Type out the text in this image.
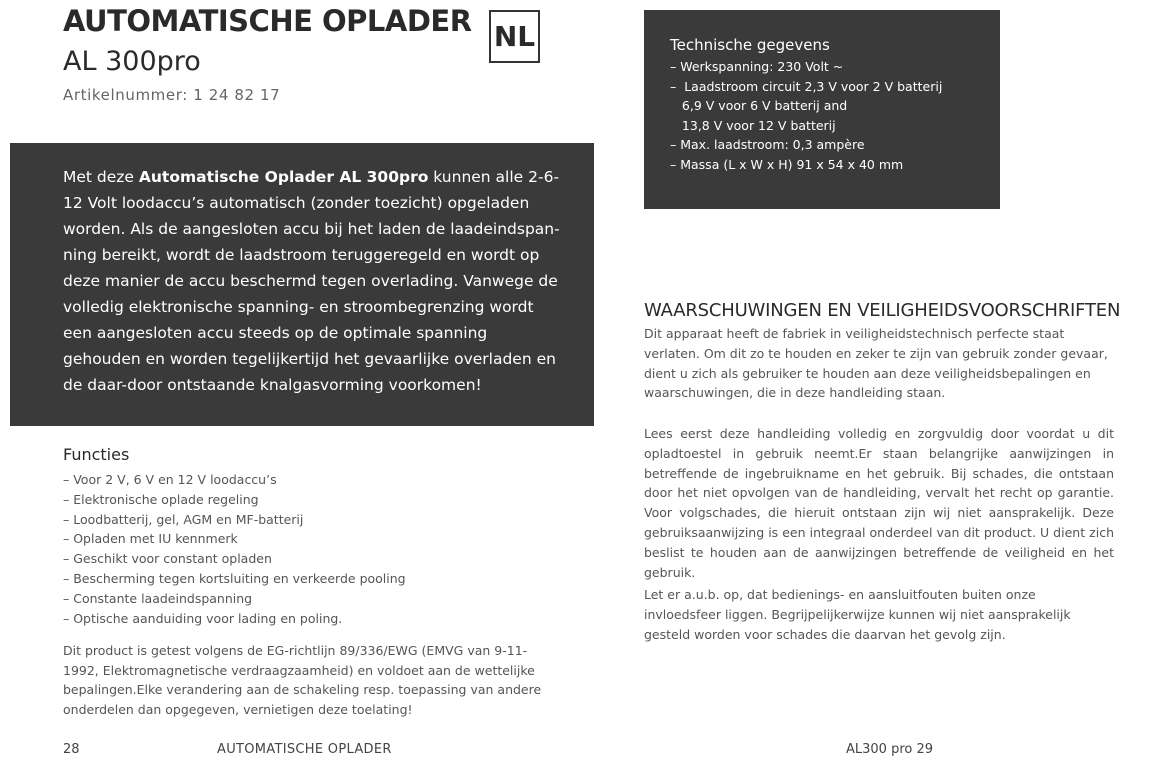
AUTOMATISCHE OPLADER
AL 300pro
Artikelnummer: 1 24 82 17
NL

Met deze Automatische Oplader AL 300pro kunnen alle 2-6-12 Volt loodaccu’s automatisch (zonder toezicht) opgeladen worden. Als de aangesloten accu bij het laden de laadeindspan-ning bereikt, wordt de laadstroom teruggeregeld en wordt op deze manier de accu beschermd tegen overlading. Vanwege de volledig elektronische spanning- en stroombegrenzing wordt een aangesloten accu steeds op de optimale spanning gehouden en worden tegelijkertijd het gevaarlijke overladen en de daar-door ontstaande knalgasvorming voorkomen!

Functies
– Voor 2 V, 6 V en 12 V loodaccu’s
– Elektronische oplade regeling
– Loodbatterij, gel, AGM en MF-batterij
– Opladen met IU kennmerk
– Geschikt voor constant opladen
– Bescherming tegen kortsluiting en verkeerde pooling
– Constante laadeindspanning
– Optische aanduiding voor lading en poling.

Dit product is getest volgens de EG-richtlijn 89/336/EWG (EMVG van 9-11-1992, Elektromagnetische verdraagzaamheid) en voldoet aan de wettelijke bepalingen.Elke verandering aan de schakeling resp. toepassing van andere onderdelen dan opgegeven, vernietigen deze toelating!

28	AUTOMATISCHE OPLADER
Technische gegevens
– Werkspanning: 230 Volt ~
–  Laadstroom circuit 2,3 V voor 2 V batterij
6,9 V voor 6 V batterij and
13,8 V voor 12 V batterij
– Max. laadstroom: 0,3 ampère
– Massa (L x W x H) 91 x 54 x 40 mm
WAARSCHUWINGEN EN VEILIGHEIDSVOORSCHRIFTEN

Dit apparaat heeft de fabriek in veiligheidstechnisch perfecte staat verlaten. Om dit zo te houden en zeker te zijn van gebruik zonder gevaar, dient u zich als gebruiker te houden aan deze veiligheidsbepalingen en waarschuwingen, die in deze handleiding staan.

Lees eerst deze handleiding volledig en zorgvuldig door voordat u dit opladtoestel in gebruik neemt.Er staan belangrijke aanwijzingen in betreffende de ingebruikname en het gebruik. Bij schades, die ontstaan door het niet opvolgen van de handleiding, vervalt het recht op garantie. Voor volgschades, die hieruit ontstaan zijn wij niet aansprakelijk. Deze gebruiksaanwijzing is een integraal onderdeel van dit product. U dient zich beslist te houden aan de aanwijzingen betreffende de veiligheid en het gebruik.

Let er a.u.b. op, dat bedienings- en aansluitfouten buiten onze invloedsfeer liggen. Begrijpelijkerwijze kunnen wij niet aansprakelijk gesteld worden voor schades die daarvan het gevolg zijn.

AL300 pro 29
